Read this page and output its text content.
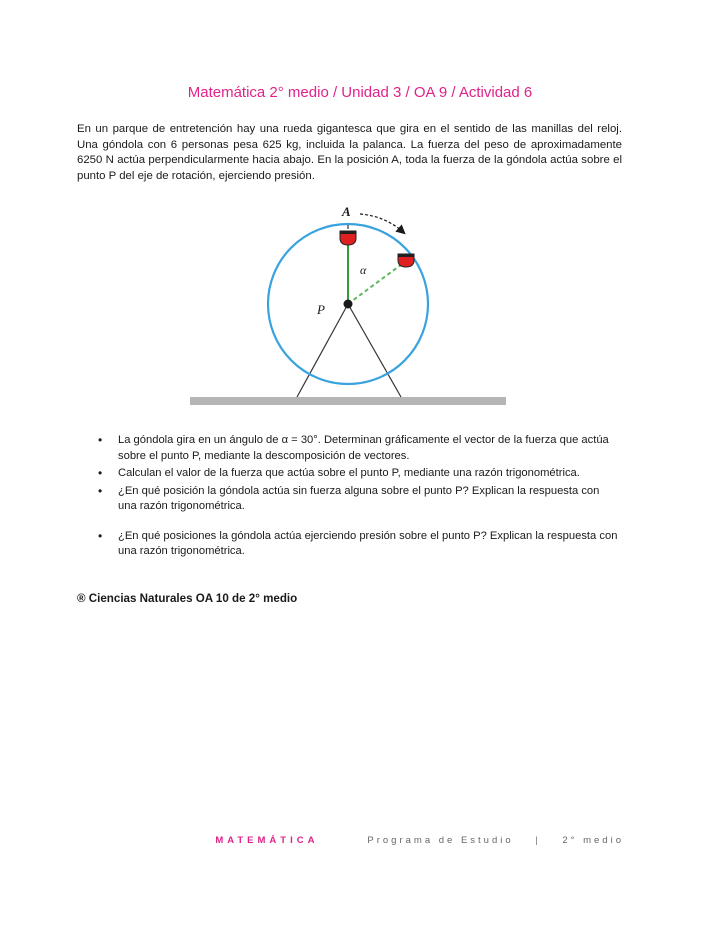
Matemática 2° medio / Unidad 3 / OA 9 / Actividad 6

En un parque de entretención hay una rueda gigantesca que gira en el sentido de las manillas del reloj. Una góndola con 6 personas pesa 625 kg, incluida la palanca. La fuerza del peso de aproximadamente 6250 N actúa perpendicularmente hacia abajo. En la posición A, toda la fuerza de la góndola actúa sobre el punto P del eje de rotación, ejerciendo presión.

A
P
α
• La góndola gira en un ángulo de α = 30°. Determinan gráficamente el vector de la fuerza que actúa sobre el punto P, mediante la descomposición de vectores.
• Calculan el valor de la fuerza que actúa sobre el punto P, mediante una razón trigonométrica.
• ¿En qué posición la góndola actúa sin fuerza alguna sobre el punto P? Explican la respuesta con una razón trigonométrica.
• ¿En qué posiciones la góndola actúa ejerciendo presión sobre el punto P? Explican la respuesta con una razón trigonométrica.
® Ciencias Naturales OA 10 de 2° medio
MATEMÁTICA	Programa de Estudio | 2° medio
